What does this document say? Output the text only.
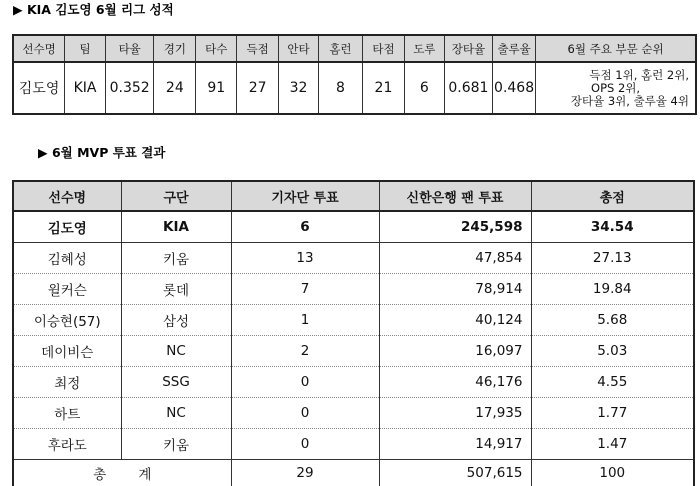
▶ KIA 김도영 6월 리그 성적
선수명	팀	타율	경기	타수	득점	안타	홈런	타점	도루	장타율	출루율	6월 주요 부문 순위
김도영	KIA	0.352	24	91	27	32	8	21	6	0.681	0.468	득점 1위, 홈런 2위,
OPS 2위,
장타율 3위, 출루율 4위
▶ 6월 MVP 투표 결과
선수명	구단	기자단 투표	신한은행 팬 투표	총점
김도영	KIA	6	245,598	34.54
김혜성	키움	13	47,854	27.13
윌커슨	롯데	7	78,914	19.84
이승현(57)	삼성	1	40,124	5.68
데이비슨	NC	2	16,097	5.03
최정	SSG	0	46,176	4.55
하트	NC	0	17,935	1.77
후라도	키움	0	14,917	1.47
총 계		29	507,615	100
